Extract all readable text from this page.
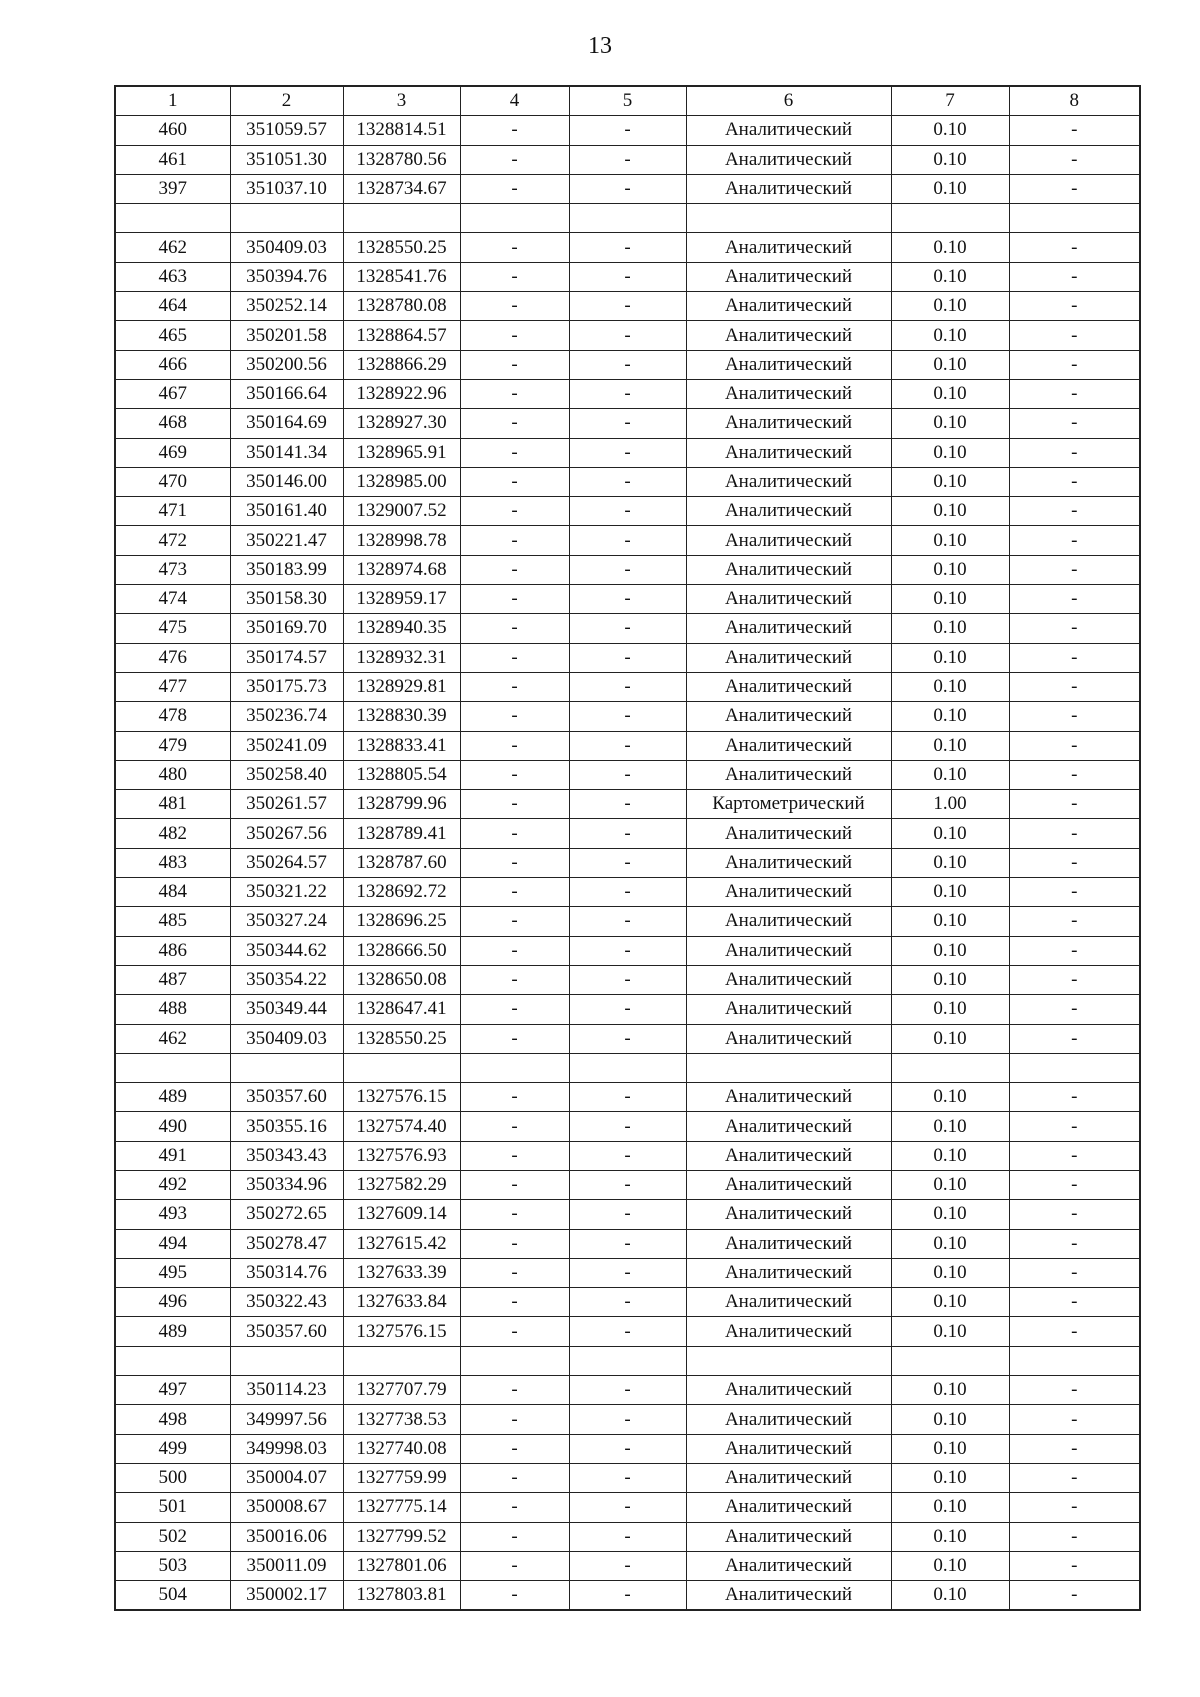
13
1	2	3	4	5	6	7	8
460	351059.57	1328814.51	-	-	Аналитический	0.10	-
461	351051.30	1328780.56	-	-	Аналитический	0.10	-
397	351037.10	1328734.67	-	-	Аналитический	0.10	-

462	350409.03	1328550.25	-	-	Аналитический	0.10	-
463	350394.76	1328541.76	-	-	Аналитический	0.10	-
464	350252.14	1328780.08	-	-	Аналитический	0.10	-
465	350201.58	1328864.57	-	-	Аналитический	0.10	-
466	350200.56	1328866.29	-	-	Аналитический	0.10	-
467	350166.64	1328922.96	-	-	Аналитический	0.10	-
468	350164.69	1328927.30	-	-	Аналитический	0.10	-
469	350141.34	1328965.91	-	-	Аналитический	0.10	-
470	350146.00	1328985.00	-	-	Аналитический	0.10	-
471	350161.40	1329007.52	-	-	Аналитический	0.10	-
472	350221.47	1328998.78	-	-	Аналитический	0.10	-
473	350183.99	1328974.68	-	-	Аналитический	0.10	-
474	350158.30	1328959.17	-	-	Аналитический	0.10	-
475	350169.70	1328940.35	-	-	Аналитический	0.10	-
476	350174.57	1328932.31	-	-	Аналитический	0.10	-
477	350175.73	1328929.81	-	-	Аналитический	0.10	-
478	350236.74	1328830.39	-	-	Аналитический	0.10	-
479	350241.09	1328833.41	-	-	Аналитический	0.10	-
480	350258.40	1328805.54	-	-	Аналитический	0.10	-
481	350261.57	1328799.96	-	-	Картометрический	1.00	-
482	350267.56	1328789.41	-	-	Аналитический	0.10	-
483	350264.57	1328787.60	-	-	Аналитический	0.10	-
484	350321.22	1328692.72	-	-	Аналитический	0.10	-
485	350327.24	1328696.25	-	-	Аналитический	0.10	-
486	350344.62	1328666.50	-	-	Аналитический	0.10	-
487	350354.22	1328650.08	-	-	Аналитический	0.10	-
488	350349.44	1328647.41	-	-	Аналитический	0.10	-
462	350409.03	1328550.25	-	-	Аналитический	0.10	-

489	350357.60	1327576.15	-	-	Аналитический	0.10	-
490	350355.16	1327574.40	-	-	Аналитический	0.10	-
491	350343.43	1327576.93	-	-	Аналитический	0.10	-
492	350334.96	1327582.29	-	-	Аналитический	0.10	-
493	350272.65	1327609.14	-	-	Аналитический	0.10	-
494	350278.47	1327615.42	-	-	Аналитический	0.10	-
495	350314.76	1327633.39	-	-	Аналитический	0.10	-
496	350322.43	1327633.84	-	-	Аналитический	0.10	-
489	350357.60	1327576.15	-	-	Аналитический	0.10	-

497	350114.23	1327707.79	-	-	Аналитический	0.10	-
498	349997.56	1327738.53	-	-	Аналитический	0.10	-
499	349998.03	1327740.08	-	-	Аналитический	0.10	-
500	350004.07	1327759.99	-	-	Аналитический	0.10	-
501	350008.67	1327775.14	-	-	Аналитический	0.10	-
502	350016.06	1327799.52	-	-	Аналитический	0.10	-
503	350011.09	1327801.06	-	-	Аналитический	0.10	-
504	350002.17	1327803.81	-	-	Аналитический	0.10	-
